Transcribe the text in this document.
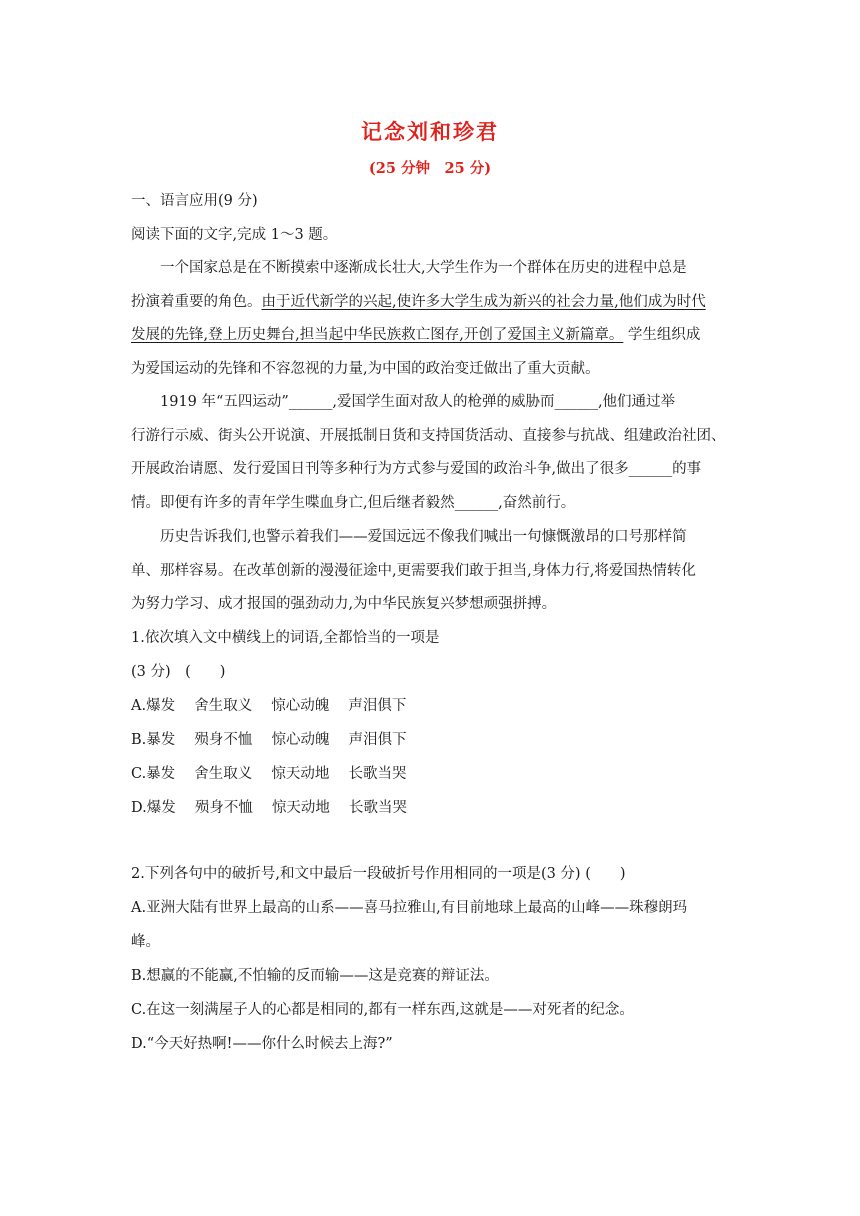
记念刘和珍君
(25 分钟　25 分)
一、语言应用(9 分)
阅读下面的文字,完成 1～3 题。
　　一个国家总是在不断摸索中逐渐成长壮大,大学生作为一个群体在历史的进程中总是
扮演着重要的角色。由于近代新学的兴起,使许多大学生成为新兴的社会力量,他们成为时代
发展的先锋,登上历史舞台,担当起中华民族救亡图存,开创了爱国主义新篇章。 学生组织成
为爱国运动的先锋和不容忽视的力量,为中国的政治变迁做出了重大贡献。
　　1919 年“五四运动”______,爱国学生面对敌人的枪弹的威胁而______,他们通过举
行游行示威、街头公开说演、开展抵制日货和支持国货活动、直接参与抗战、组建政治社团、
开展政治请愿、发行爱国日刊等多种行为方式参与爱国的政治斗争,做出了很多______的事
情。即便有许多的青年学生喋血身亡,但后继者毅然______,奋然前行。
　　历史告诉我们,也警示着我们——爱国远远不像我们喊出一句慷慨激昂的口号那样简
单、那样容易。在改革创新的漫漫征途中,更需要我们敢于担当,身体力行,将爱国热情转化
为努力学习、成才报国的强劲动力,为中华民族复兴梦想顽强拼搏。
1.依次填入文中横线上的词语,全都恰当的一项是
(3 分)　(　　)
A.爆发　 舍生取义　 惊心动魄　 声泪俱下
B.暴发　 殒身不恤　 惊心动魄　 声泪俱下
C.暴发　 舍生取义　 惊天动地　 长歌当哭
D.爆发　 殒身不恤　 惊天动地　 长歌当哭
2.下列各句中的破折号,和文中最后一段破折号作用相同的一项是(3 分) (　　)
A.亚洲大陆有世界上最高的山系——喜马拉雅山,有目前地球上最高的山峰——珠穆朗玛
峰。
B.想赢的不能赢,不怕输的反而输——这是竞赛的辩证法。
C.在这一刻满屋子人的心都是相同的,都有一样东西,这就是——对死者的纪念。
D.“今天好热啊!——你什么时候去上海?”
